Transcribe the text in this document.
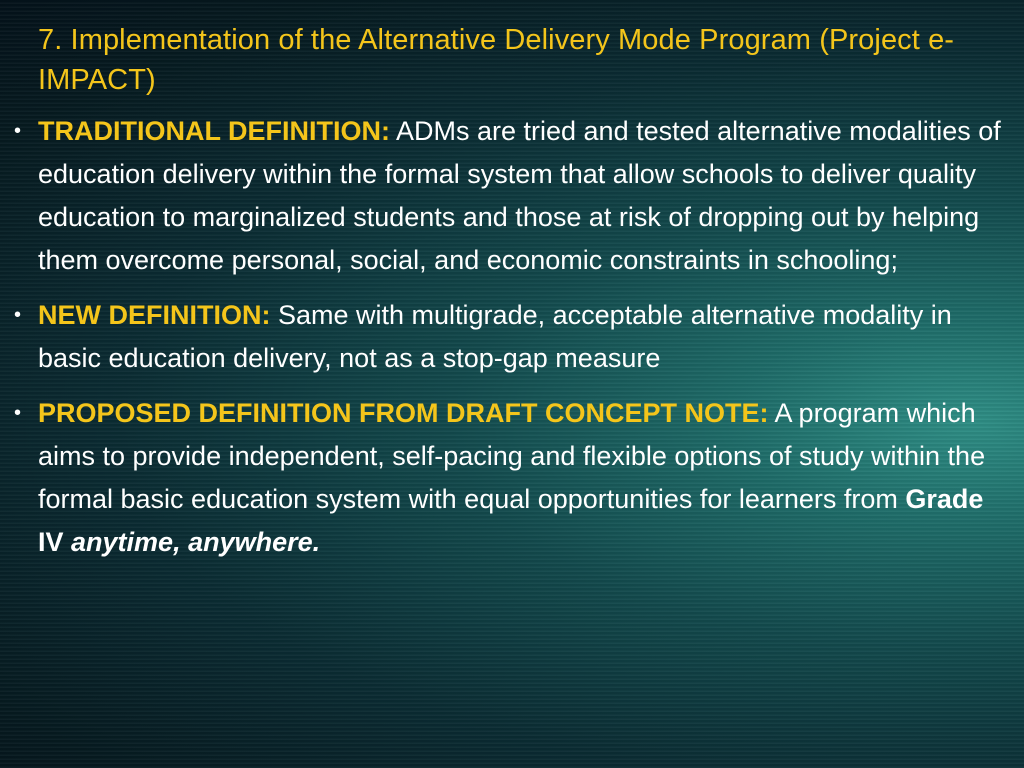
7. Implementation of the Alternative Delivery Mode Program (Project e-IMPACT)
• TRADITIONAL DEFINITION: ADMs are tried and tested alternative modalities of education delivery within the formal system that allow schools to deliver quality education to marginalized students and those at risk of dropping out by helping them overcome personal, social, and economic constraints in schooling;
• NEW DEFINITION: Same with multigrade, acceptable alternative modality in basic education delivery, not as a stop-gap measure
• PROPOSED DEFINITION FROM DRAFT CONCEPT NOTE: A program which aims to provide independent, self-pacing and flexible options of study within the formal basic education system with equal opportunities for learners from Grade IV anytime, anywhere.
